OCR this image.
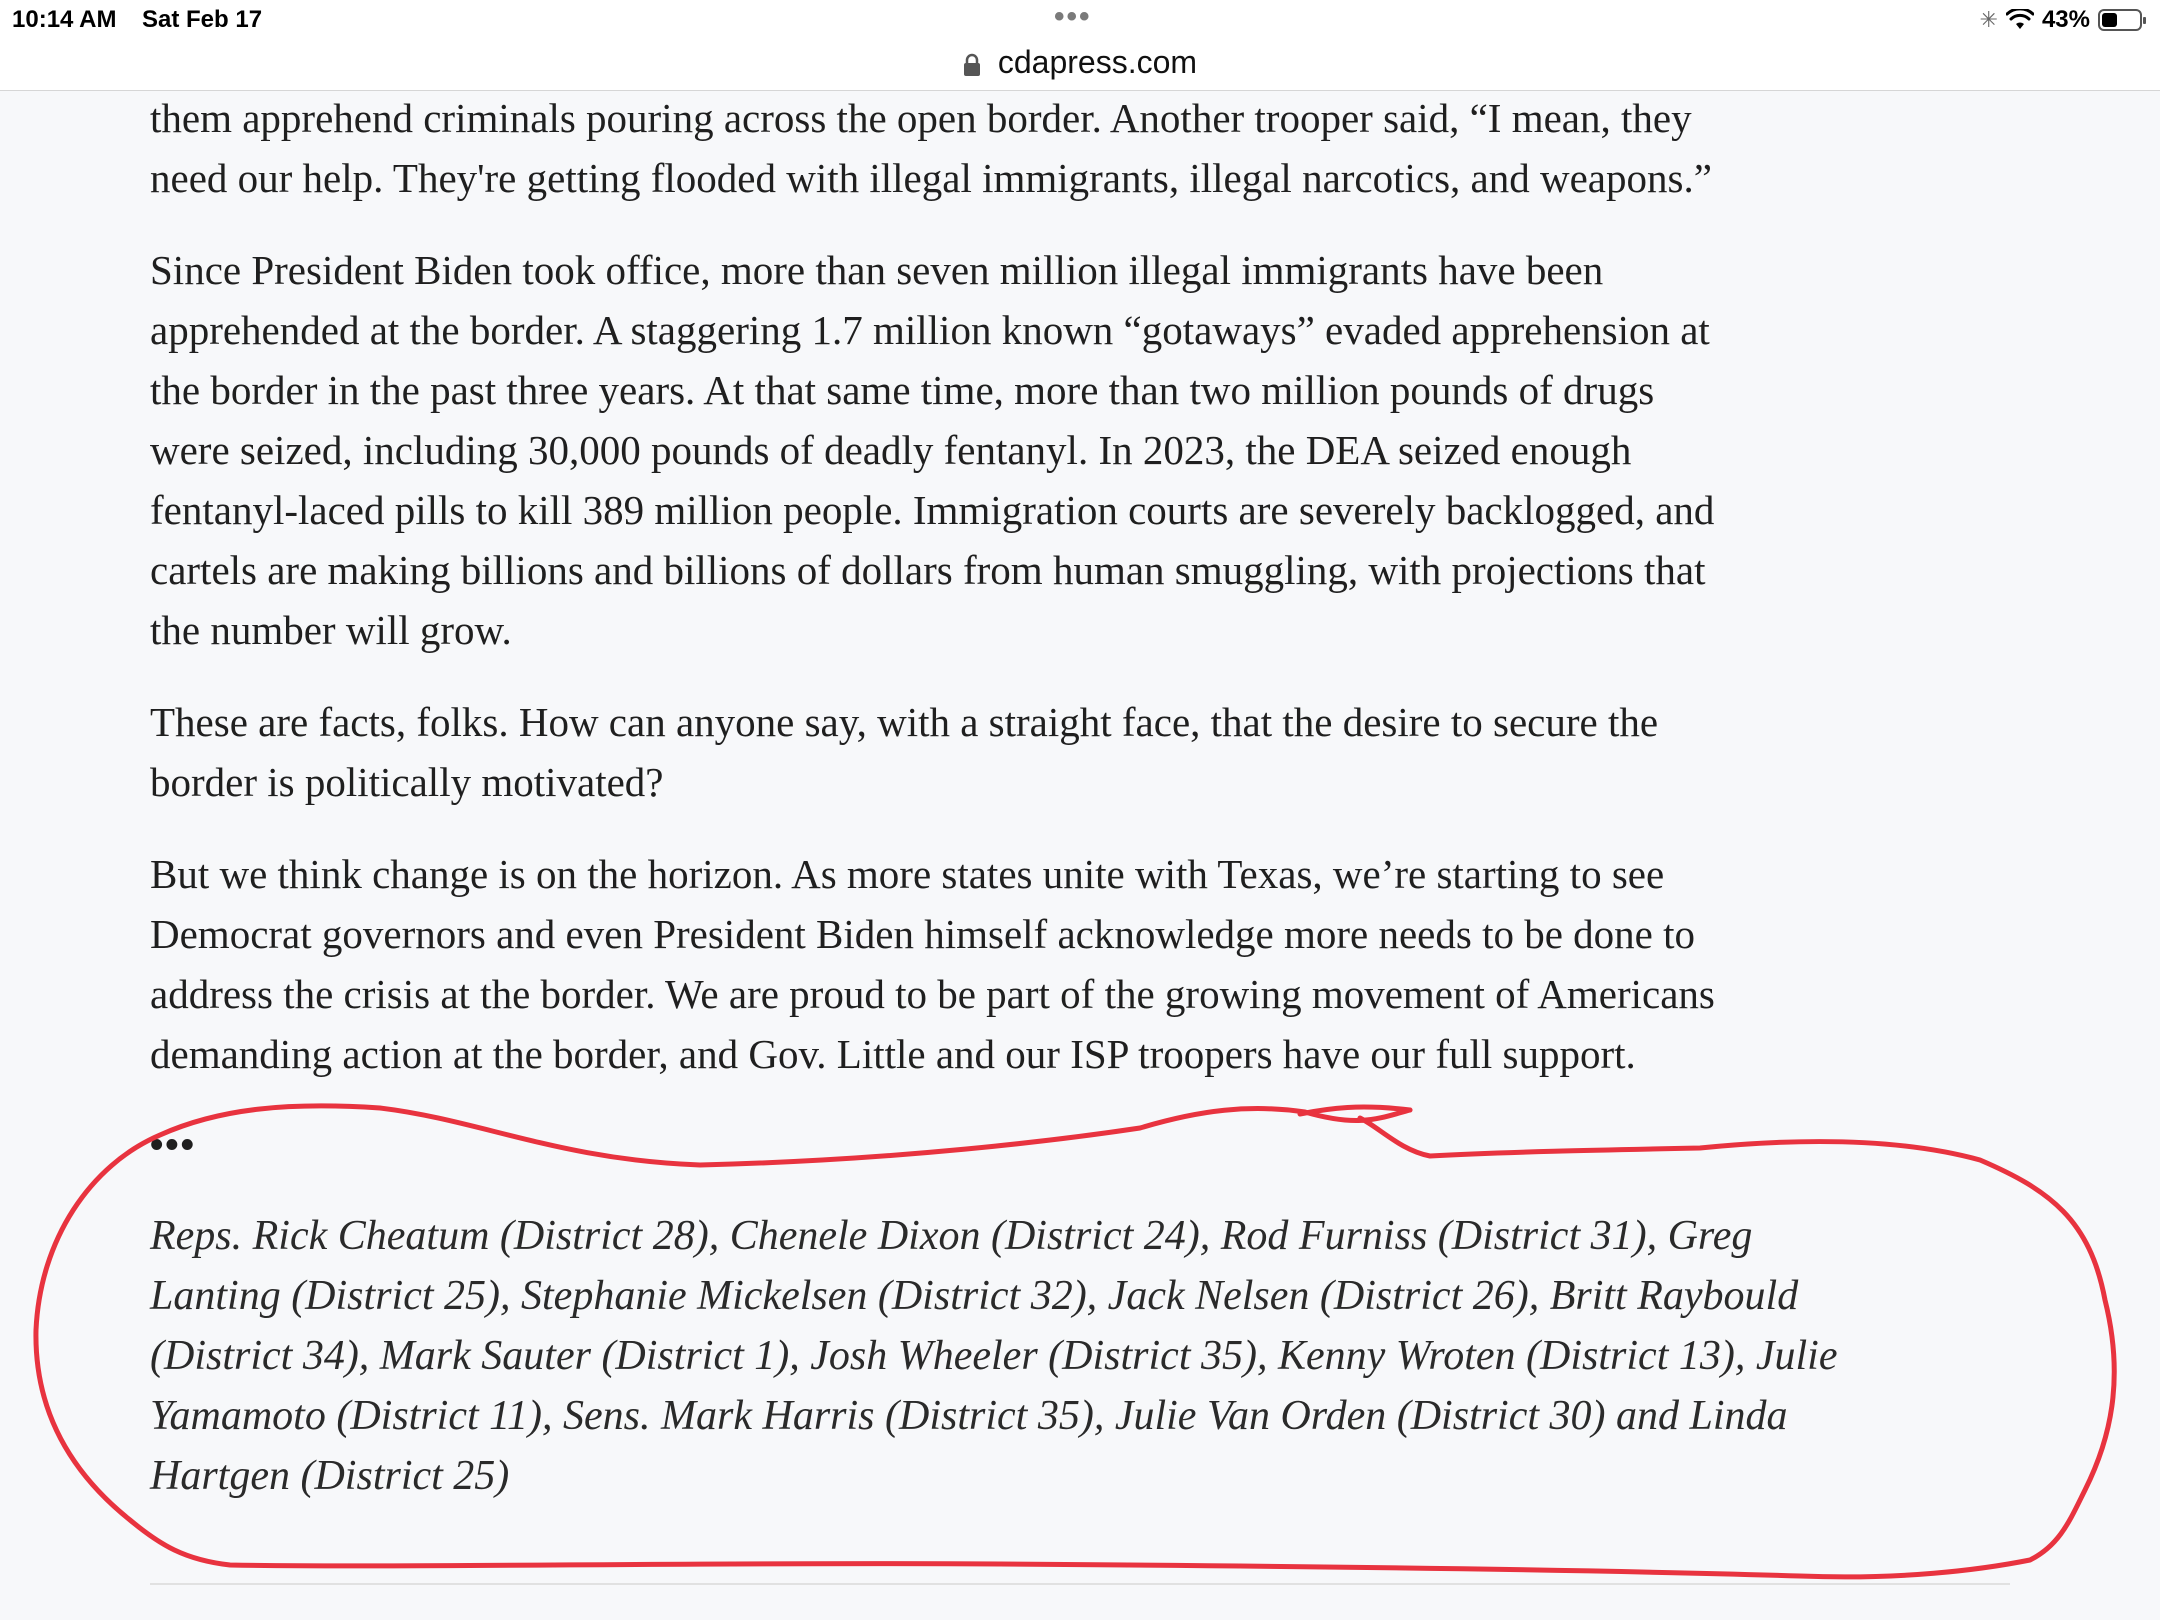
10:14 AM Sat Feb 17	•••	✳ 43%
cdapress.com

them apprehend criminals pouring across the open border. Another trooper said, “I mean, they
need our help. They're getting flooded with illegal immigrants, illegal narcotics, and weapons.”

Since President Biden took office, more than seven million illegal immigrants have been
apprehended at the border. A staggering 1.7 million known “gotaways” evaded apprehension at
the border in the past three years. At that same time, more than two million pounds of drugs
were seized, including 30,000 pounds of deadly fentanyl. In 2023, the DEA seized enough
fentanyl-laced pills to kill 389 million people. Immigration courts are severely backlogged, and
cartels are making billions and billions of dollars from human smuggling, with projections that
the number will grow.

These are facts, folks. How can anyone say, with a straight face, that the desire to secure the
border is politically motivated?

But we think change is on the horizon. As more states unite with Texas, we’re starting to see
Democrat governors and even President Biden himself acknowledge more needs to be done to
address the crisis at the border. We are proud to be part of the growing movement of Americans
demanding action at the border, and Gov. Little and our ISP troopers have our full support.

•••
Reps. Rick Cheatum (District 28), Chenele Dixon (District 24), Rod Furniss (District 31), Greg
Lanting (District 25), Stephanie Mickelsen (District 32), Jack Nelsen (District 26), Britt Raybould
(District 34), Mark Sauter (District 1), Josh Wheeler (District 35), Kenny Wroten (District 13), Julie
Yamamoto (District 11), Sens. Mark Harris (District 35), Julie Van Orden (District 30) and Linda
Hartgen (District 25)
